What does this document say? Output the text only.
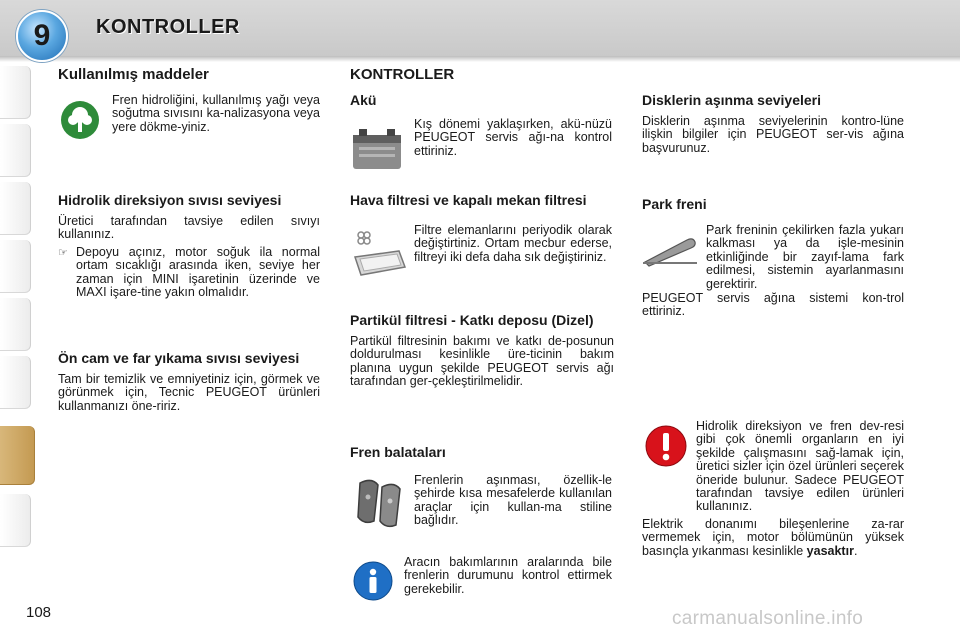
9 KONTROLLER
108
Kullanılmış maddeler

Fren hidroliğini, kullanılmış yağı veya soğutma sıvısını ka-nalizasyona veya yere dökme-yiniz.

Hidrolik direksiyon sıvısı seviyesi

Üretici tarafından tavsiye edilen sıvıyı kullanınız.

☞ Depoyu açınız, motor soğuk ila normal ortam sıcaklığı arasında iken, seviye her zaman için MINI işaretinin üzerinde ve MAXI işare-tine yakın olmalıdır.

Ön cam ve far yıkama sıvısı seviyesi

Tam bir temizlik ve emniyetiniz için, görmek ve görünmek için, Tecnic PEUGEOT ürünleri kullanmanızı öne-ririz.

KONTROLLER
Akü

Kış dönemi yaklaşırken, akü-nüzü PEUGEOT servis ağı-na kontrol ettiriniz.

Hava filtresi ve kapalı mekan filtresi

Filtre elemanlarını periyodik olarak değiştirtiniz. Ortam mecbur ederse, filtreyi iki defa daha sık değiştiriniz.

Partikül filtresi - Katkı deposu (Dizel)

Partikül filtresinin bakımı ve katkı de-posunun doldurulması kesinlikle üre-ticinin bakım planına uygun şekilde PEUGEOT servis ağı tarafından ger-çekleştirilmelidir.

Fren balataları

Frenlerin aşınması, özellik-le şehirde kısa mesafelerde kullanılan araçlar için kullan-ma stiline bağlıdır.

Aracın bakımlarının aralarında bile frenlerin durumunu kontrol ettirmek gerekebilir.

Disklerin aşınma seviyeleri

Disklerin aşınma seviyelerinin kontro-lüne ilişkin bilgiler için PEUGEOT ser-vis ağına başvurunuz.

Park freni

Park freninin çekilirken fazla yukarı kalkması ya da işle-mesinin etkinliğinde bir zayıf-lama fark edilmesi, sistemin ayarlanmasını gerektirir.

PEUGEOT servis ağına sistemi kon-trol ettiriniz.

Hidrolik direksiyon ve fren dev-resi gibi çok önemli organların en iyi şekilde çalışmasını sağ-lamak için, üretici sizler için özel ürünleri seçerek öneride bulunur. Sadece PEUGEOT tarafından tavsiye edilen ürünleri kullanınız.

Elektrik donanımı bileşenlerine za-rar vermemek için, motor bölümünün yüksek basınçla yıkanması kesinlikle yasaktır.

carmanualsonline.info
